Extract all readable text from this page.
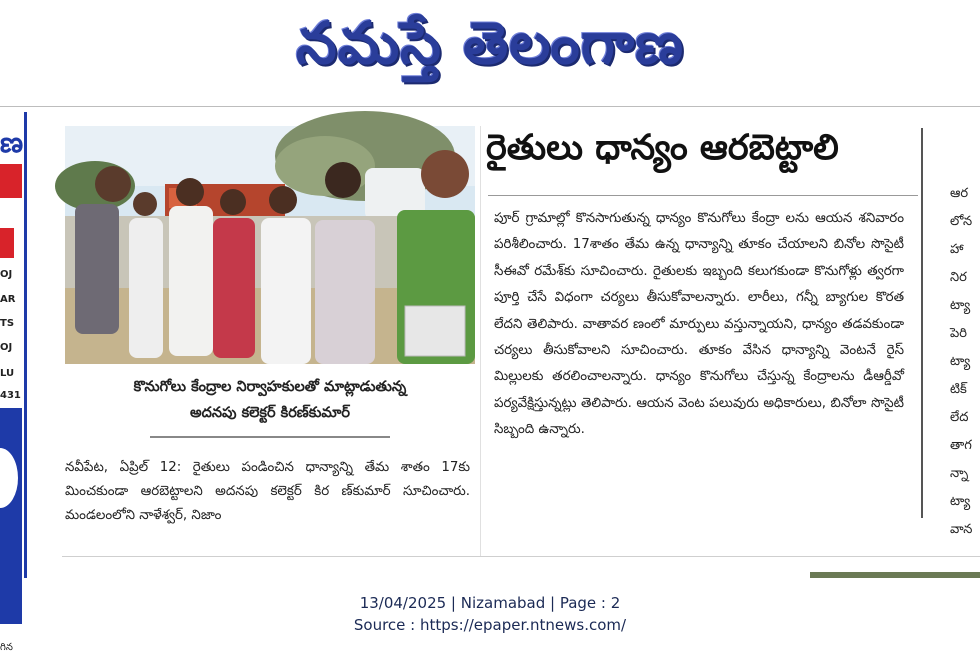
నమస్తే తెలంగాణ
ణ
OJ
AR
TS
OJ
LU
431
గిన
కొనుగోలు కేంద్రాల నిర్వాహకులతో మాట్లాడుతున్న
అదనపు కలెక్టర్ కిరణ్‌కుమార్

నవీపేట, ఏప్రిల్ 12: రైతులు పండించిన ధాన్యాన్ని తేమ శాతం 17కు మించకుండా ఆరబెట్టాలని అదనపు కలెక్టర్ కిర ణ్‌కుమార్ సూచించారు. మండలంలోని నాళేశ్వర్, నిజాం

రైతులు ధాన్యం ఆరబెట్టాలి

పూర్ గ్రామాల్లో కొనసాగుతున్న ధాన్యం కొనుగోలు కేంద్రా లను ఆయన శనివారం పరిశీలించారు. 17శాతం తేమ ఉన్న ధాన్యాన్ని తూకం చేయాలని బినోల సొసైటీ సీఈవో రమేశ్‌కు సూచించారు. రైతులకు ఇబ్బంది కలుగకుండా కొనుగోళ్లు త్వరగా పూర్తి చేసే విధంగా చర్యలు తీసుకోవాలన్నారు. లారీలు, గన్నీ బ్యాగుల కొరత లేదని తెలిపారు. వాతావర ణంలో మార్పులు వస్తున్నాయని, ధాన్యం తడవకుండా చర్యలు తీసుకోవాలని సూచించారు. తూకం వేసిన ధాన్యాన్ని వెంటనే రైస్ మిల్లులకు తరలించాలన్నారు. ధాన్యం కొనుగోలు చేస్తున్న కేంద్రాలను డీఆర్డీవో పర్యవేక్షిస్తున్నట్లు తెలిపారు. ఆయన వెంట పలువురు అధికారులు, బినోలా సొసైటీ సిబ్బంది ఉన్నారు.

ఆర
లోన
హా
నిర
ట్యా
పెరి
ట్యా
టిక్
లేద
తాగ
న్నా
ట్యా
వాన
13/04/2025 | Nizamabad | Page : 2
Source : https://epaper.ntnews.com/
